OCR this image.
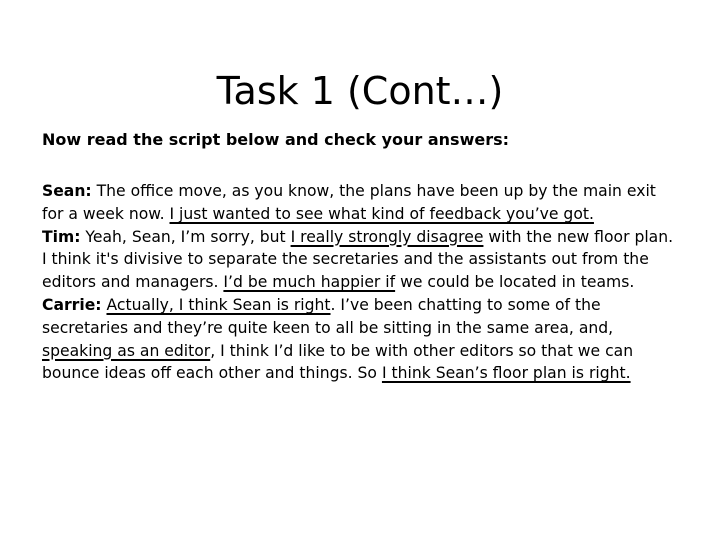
Task 1 (Cont…)
Now read the script below and check your answers:

Sean: The office move, as you know, the plans have been up by the main exit for a week now. I just wanted to see what kind of feedback you’ve got.

Tim: Yeah, Sean, I’m sorry, but I really strongly disagree with the new floor plan. I think it's divisive to separate the secretaries and the assistants out from the editors and managers. I’d be much happier if we could be located in teams.

Carrie: Actually, I think Sean is right. I’ve been chatting to some of the secretaries and they’re quite keen to all be sitting in the same area, and, speaking as an editor, I think I’d like to be with other editors so that we can bounce ideas off each other and things. So I think Sean’s floor plan is right.
